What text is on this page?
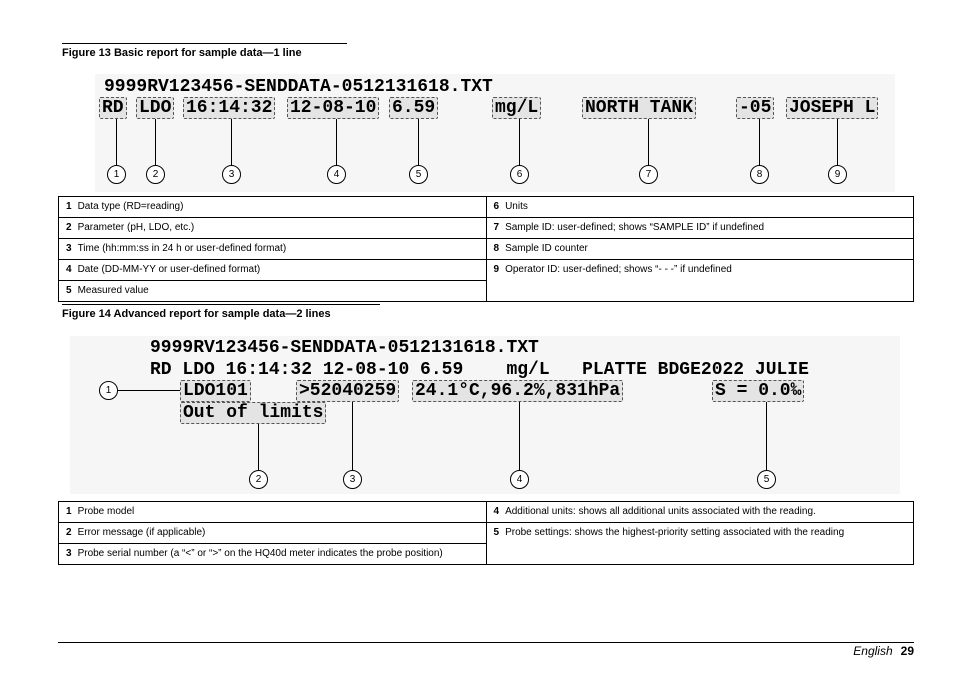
Figure 13 Basic report for sample data—1 line
9999RV123456-SENDDATA-0512131618.TXT
RD LDO 16:14:32 12-08-10 6.59	mg/L	NORTH TANK	-05 JOSEPH L
1	2	3	4	5	6	7	8	9
1 Data type (RD=reading)	6 Units
2 Parameter (pH, LDO, etc.)	7 Sample ID: user-defined; shows “SAMPLE ID” if undefined
3 Time (hh:mm:ss in 24 h or user-defined format)	8 Sample ID counter
4 Date (DD-MM-YY or user-defined format)	9 Operator ID: user-defined; shows “- - -” if undefined
5 Measured value	
Figure 14 Advanced report for sample data—2 lines
9999RV123456-SENDDATA-0512131618.TXT
RD LDO 16:14:32 12-08-10 6.59    mg/L   PLATTE BDGE2022 JULIE
LDO101	>52040259 24.1°C,96.2%,831hPa	S = 0.0‰
Out of limits
1
2	3	4	5
1 Probe model	4 Additional units: shows all additional units associated with the reading.
2 Error message (if applicable)	5 Probe settings: shows the highest-priority setting associated with the reading
3 Probe serial number (a “<” or “>” on the HQ40d meter indicates the probe position)	
English 29
